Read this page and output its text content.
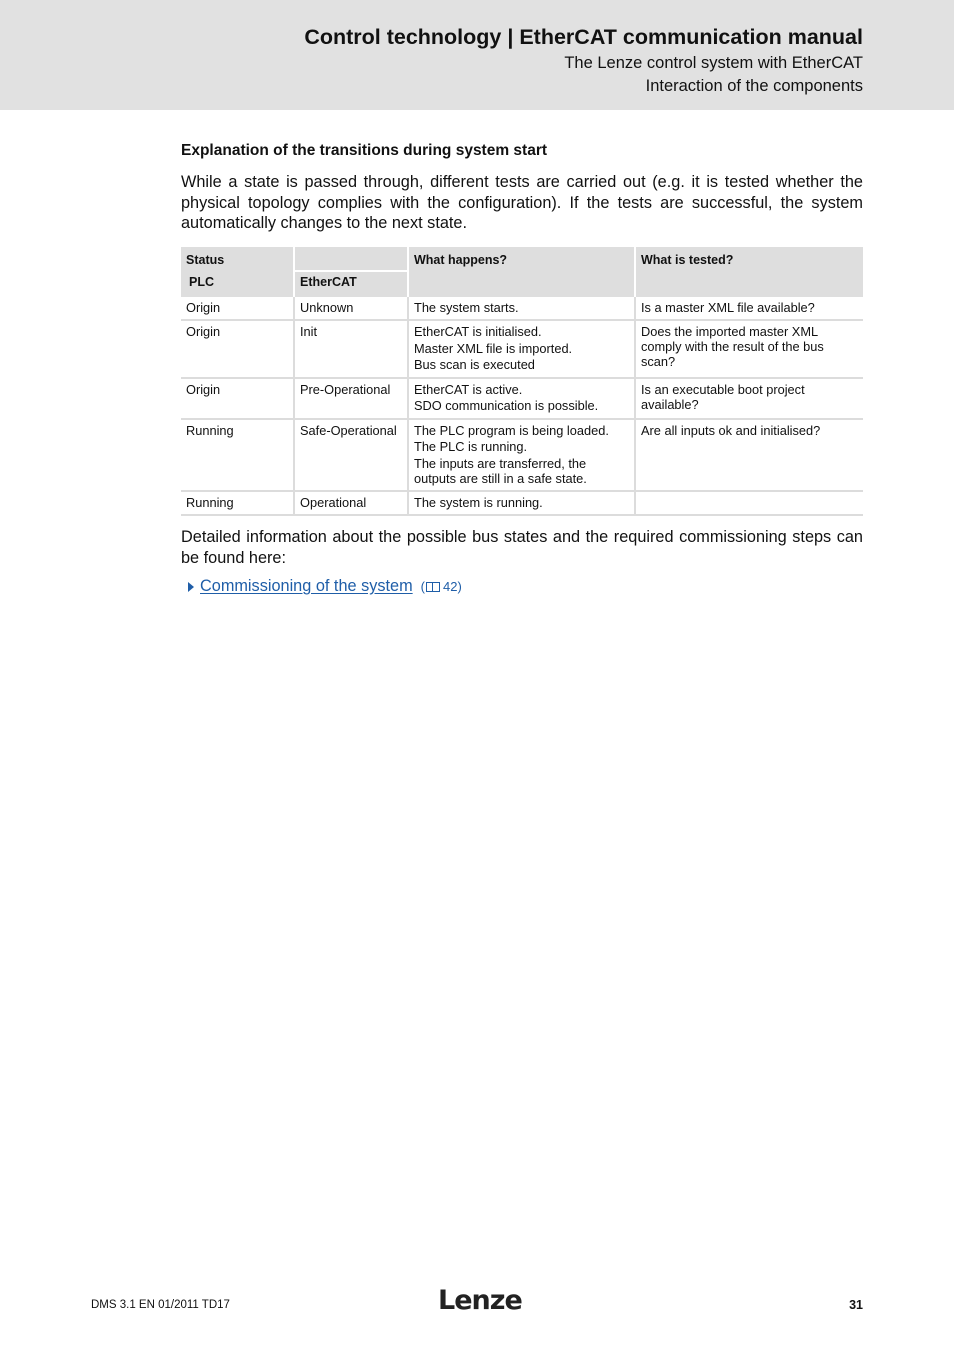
Control technology | EtherCAT communication manual
The Lenze control system with EtherCAT
Interaction of the components
Explanation of the transitions during system start

While a state is passed through, different tests are carried out (e.g. it is tested whether the physical topology complies with the configuration). If the tests are successful, the system automatically changes to the next state.

Status		What happens?	What is tested?
PLC	EtherCAT		
Origin	Unknown	The system starts.	Is a master XML file available?

Origin	Init	EtherCAT is initialised.
Master XML file is imported.
Bus scan is executed	Does the imported master XML comply with the result of the bus scan?

Origin	Pre-Operational	EtherCAT is active.
SDO communication is possible.	Is an executable boot project available?

Running	Safe-Operational	The PLC program is being loaded.
The PLC is running.
The inputs are transferred, the outputs are still in a safe state.	Are all inputs ok and initialised?

Running	Operational	The system is running.	

Detailed information about the possible bus states and the required commissioning steps can be found here:

Commissioning of the system ( 42 )
DMS 3.1 EN 01/2011 TD17	Lenze	31
